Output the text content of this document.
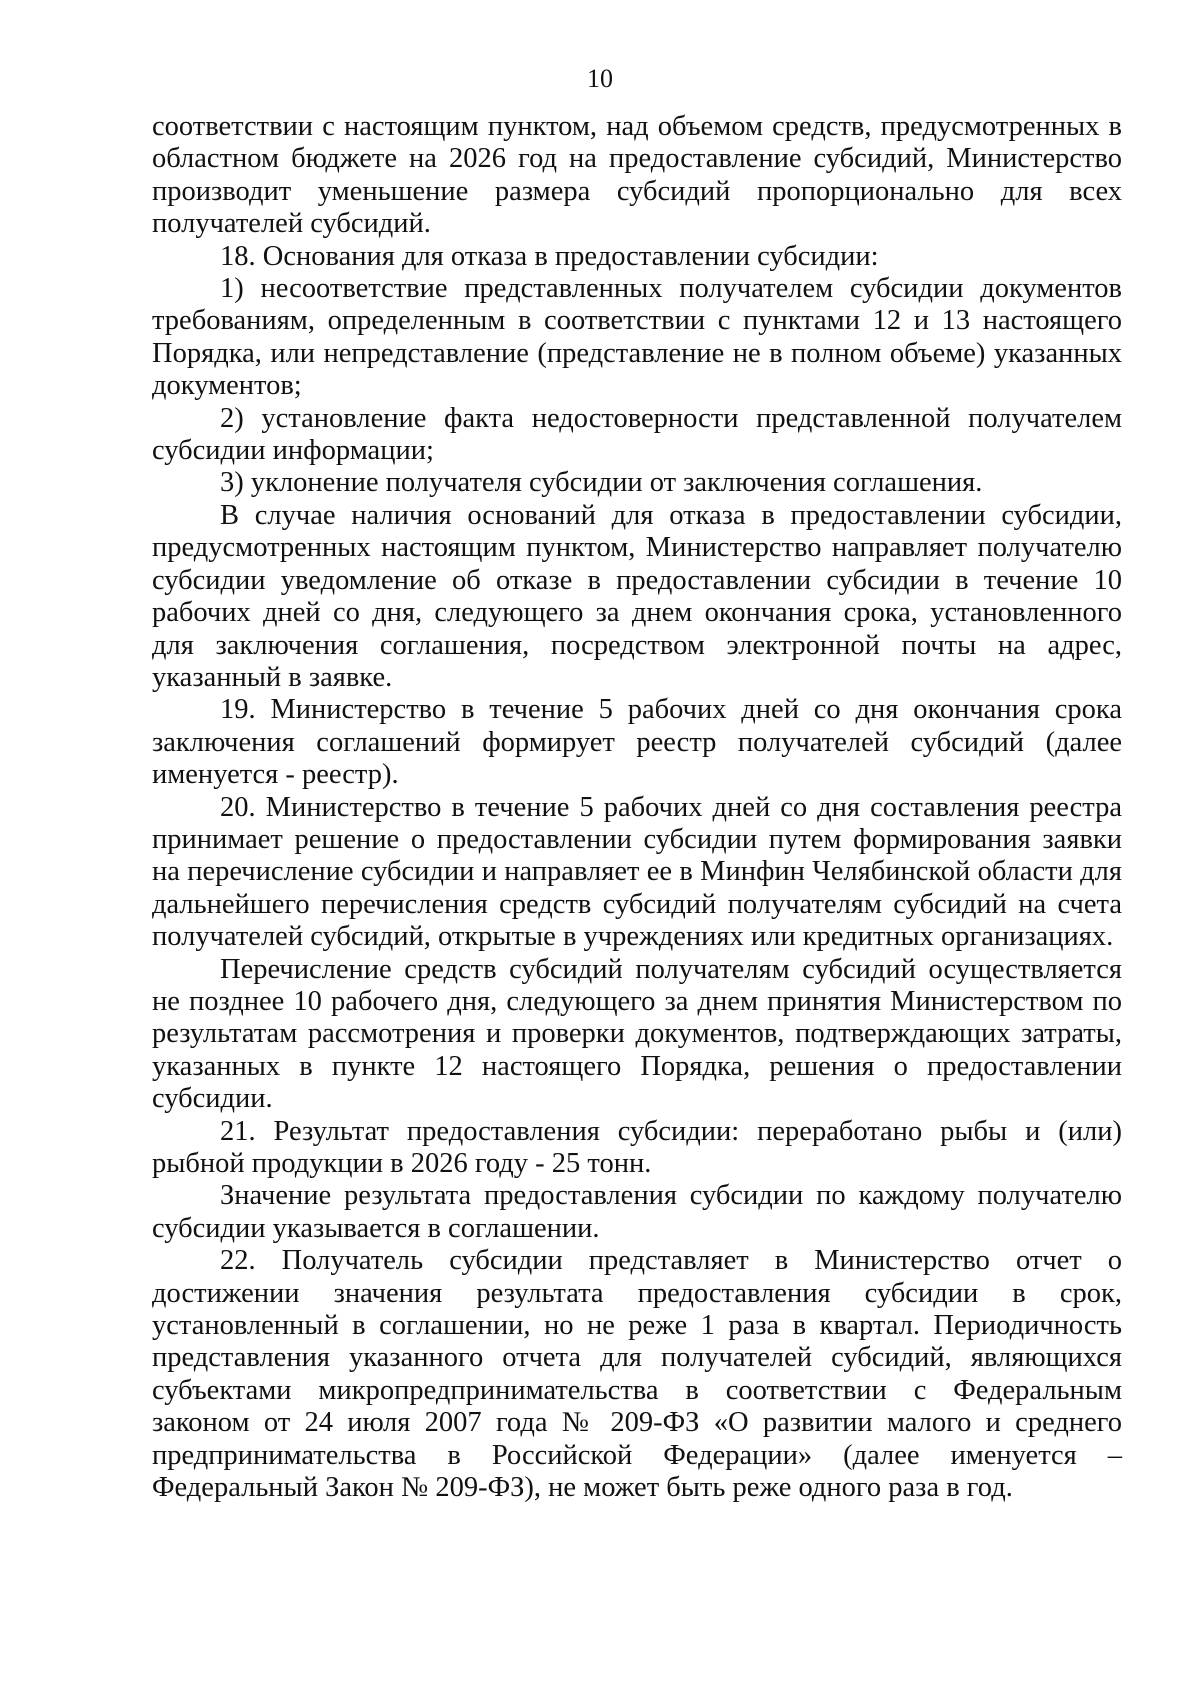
10

соответствии с настоящим пунктом, над объемом средств, предусмотренных в областном бюджете на 2026 год на предоставление субсидий, Министерство производит уменьшение размера субсидий пропорционально для всех получателей субсидий.

18. Основания для отказа в предоставлении субсидии:

1) несоответствие представленных получателем субсидии документов требованиям, определенным в соответствии с пунктами 12 и 13 настоящего Порядка, или непредставление (представление не в полном объеме) указанных документов;

2) установление факта недостоверности представленной получателем субсидии информации;

3) уклонение получателя субсидии от заключения соглашения.

В случае наличия оснований для отказа в предоставлении субсидии, предусмотренных настоящим пунктом, Министерство направляет получателю субсидии уведомление об отказе в предоставлении субсидии в течение 10 рабочих дней со дня, следующего за днем окончания срока, установленного для заключения соглашения, посредством электронной почты на адрес, указанный в заявке.

19. Министерство в течение 5 рабочих дней со дня окончания срока заключения соглашений формирует реестр получателей субсидий (далее именуется - реестр).

20. Министерство в течение 5 рабочих дней со дня составления реестра принимает решение о предоставлении субсидии путем формирования заявки на перечисление субсидии и направляет ее в Минфин Челябинской области для дальнейшего перечисления средств субсидий получателям субсидий на счета получателей субсидий, открытые в учреждениях или кредитных организациях.

Перечисление средств субсидий получателям субсидий осуществляется не позднее 10 рабочего дня, следующего за днем принятия Министерством по результатам рассмотрения и проверки документов, подтверждающих затраты, указанных в пункте 12 настоящего Порядка, решения о предоставлении субсидии.

21. Результат предоставления субсидии: переработано рыбы и (или) рыбной продукции в 2026 году - 25 тонн.

Значение результата предоставления субсидии по каждому получателю субсидии указывается в соглашении.

22. Получатель субсидии представляет в Министерство отчет о достижении значения результата предоставления субсидии в срок, установленный в соглашении, но не реже 1 раза в квартал. Периодичность представления указанного отчета для получателей субсидий, являющихся субъектами микропредпринимательства в соответствии с Федеральным законом от 24 июля 2007 года № 209-ФЗ «О развитии малого и среднего предпринимательства в Российской Федерации» (далее именуется – Федеральный Закон № 209-ФЗ), не может быть реже одного раза в год.
